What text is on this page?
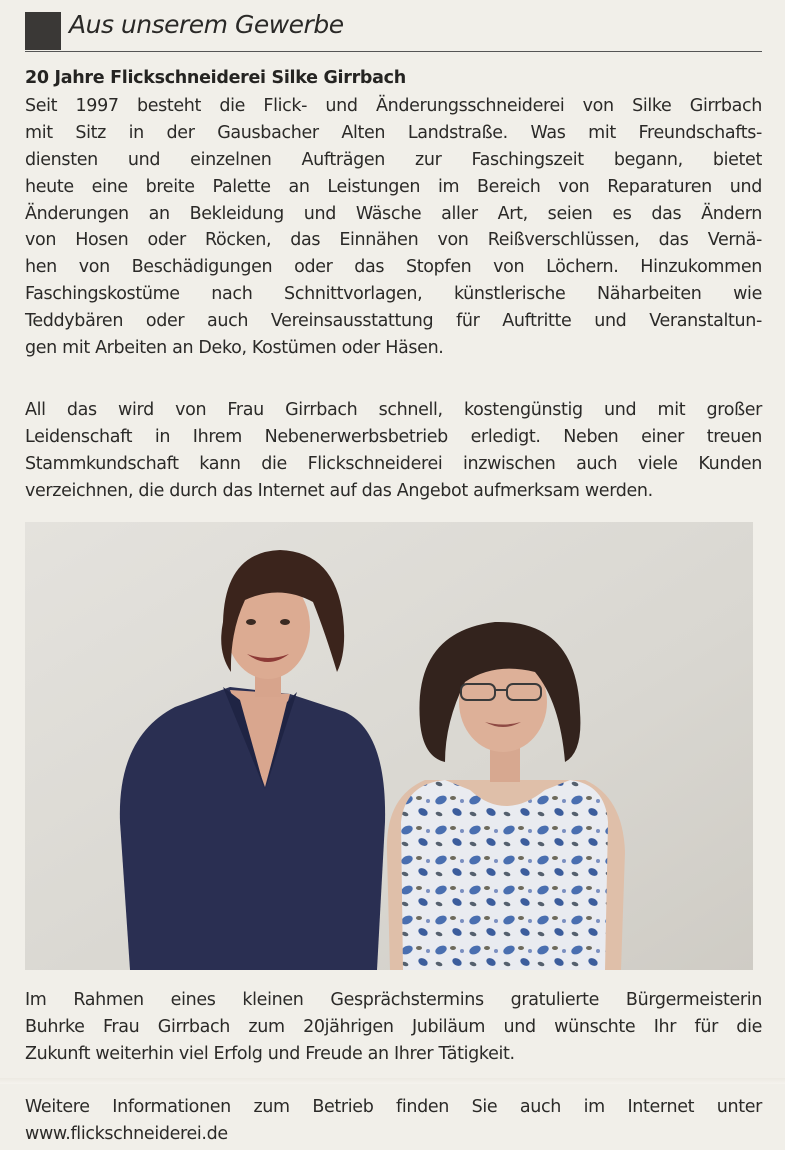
Aus unserem Gewerbe
20 Jahre Flickschneiderei Silke Girrbach
Seit 1997 besteht die Flick- und Änderungsschneiderei von Silke Girrbach
mit Sitz in der Gausbacher Alten Landstraße. Was mit Freundschafts-
diensten und einzelnen Aufträgen zur Faschingszeit begann, bietet
heute eine breite Palette an Leistungen im Bereich von Reparaturen und
Änderungen an Bekleidung und Wäsche aller Art, seien es das Ändern
von Hosen oder Röcken, das Einnähen von Reißverschlüssen, das Vernä-
hen von Beschädigungen oder das Stopfen von Löchern. Hinzukommen
Faschingskostüme nach Schnittvorlagen, künstlerische Näharbeiten wie
Teddybären oder auch Vereinsausstattung für Auftritte und Veranstaltun-
gen mit Arbeiten an Deko, Kostümen oder Häsen.
All das wird von Frau Girrbach schnell, kostengünstig und mit großer
Leidenschaft in Ihrem Nebenerwerbsbetrieb erledigt. Neben einer treuen
Stammkundschaft kann die Flickschneiderei inzwischen auch viele Kunden
verzeichnen, die durch das Internet auf das Angebot aufmerksam werden.
Im Rahmen eines kleinen Gesprächstermins gratulierte Bürgermeisterin
Buhrke Frau Girrbach zum 20jährigen Jubiläum und wünschte Ihr für die
Zukunft weiterhin viel Erfolg und Freude an Ihrer Tätigkeit.
Weitere Informationen zum Betrieb finden Sie auch im Internet unter
www.flickschneiderei.de
